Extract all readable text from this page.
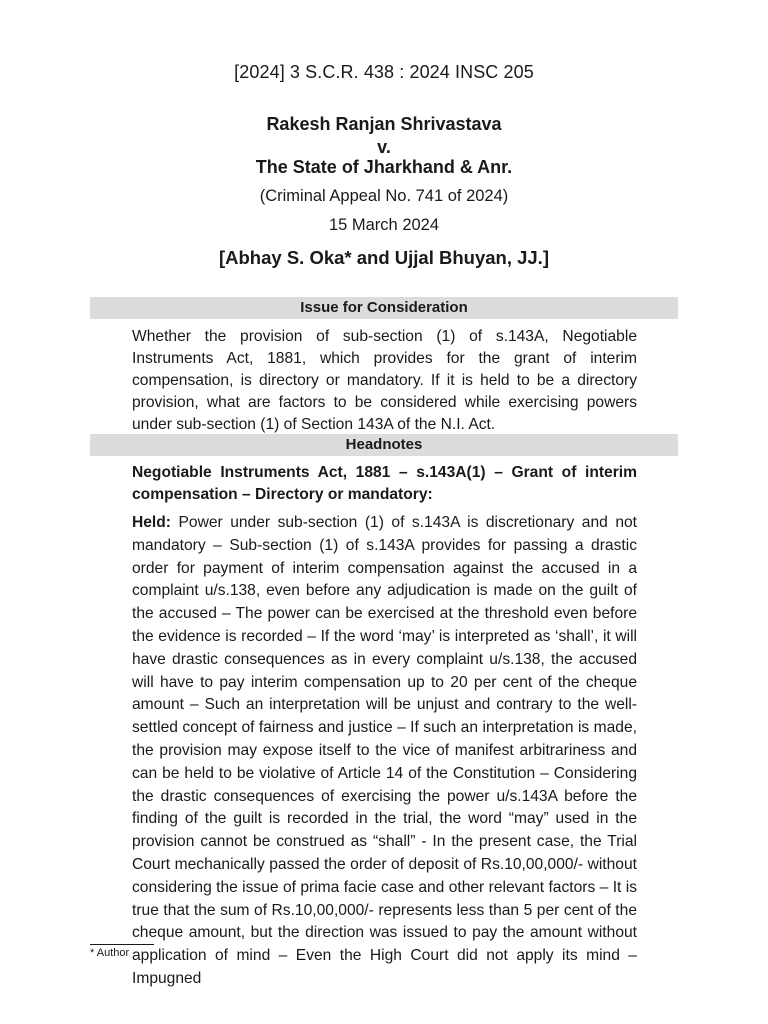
[2024] 3 S.C.R. 438 : 2024 INSC 205
Rakesh Ranjan Shrivastava
v.
The State of Jharkhand & Anr.
(Criminal Appeal No. 741 of 2024)
15 March 2024
[Abhay S. Oka* and Ujjal Bhuyan, JJ.]
Issue for Consideration
Whether the provision of sub-section (1) of s.143A, Negotiable Instruments Act, 1881, which provides for the grant of interim compensation, is directory or mandatory. If it is held to be a directory provision, what are factors to be considered while exercising powers under sub-section (1) of Section 143A of the N.I. Act.
Headnotes
Negotiable Instruments Act, 1881 – s.143A(1) – Grant of interim compensation – Directory or mandatory:
Held: Power under sub-section (1) of s.143A is discretionary and not mandatory – Sub-section (1) of s.143A provides for passing a drastic order for payment of interim compensation against the accused in a complaint u/s.138, even before any adjudication is made on the guilt of the accused – The power can be exercised at the threshold even before the evidence is recorded – If the word ‘may’ is interpreted as ‘shall’, it will have drastic consequences as in every complaint u/s.138, the accused will have to pay interim compensation up to 20 per cent of the cheque amount – Such an interpretation will be unjust and contrary to the well-settled concept of fairness and justice – If such an interpretation is made, the provision may expose itself to the vice of manifest arbitrariness and can be held to be violative of Article 14 of the Constitution – Considering the drastic consequences of exercising the power u/s.143A before the finding of the guilt is recorded in the trial, the word “may” used in the provision cannot be construed as “shall” - In the present case, the Trial Court mechanically passed the order of deposit of Rs.10,00,000/- without considering the issue of prima facie case and other relevant factors – It is true that the sum of Rs.10,00,000/- represents less than 5 per cent of the cheque amount, but the direction was issued to pay the amount without application of mind – Even the High Court did not apply its mind – Impugned
* Author
